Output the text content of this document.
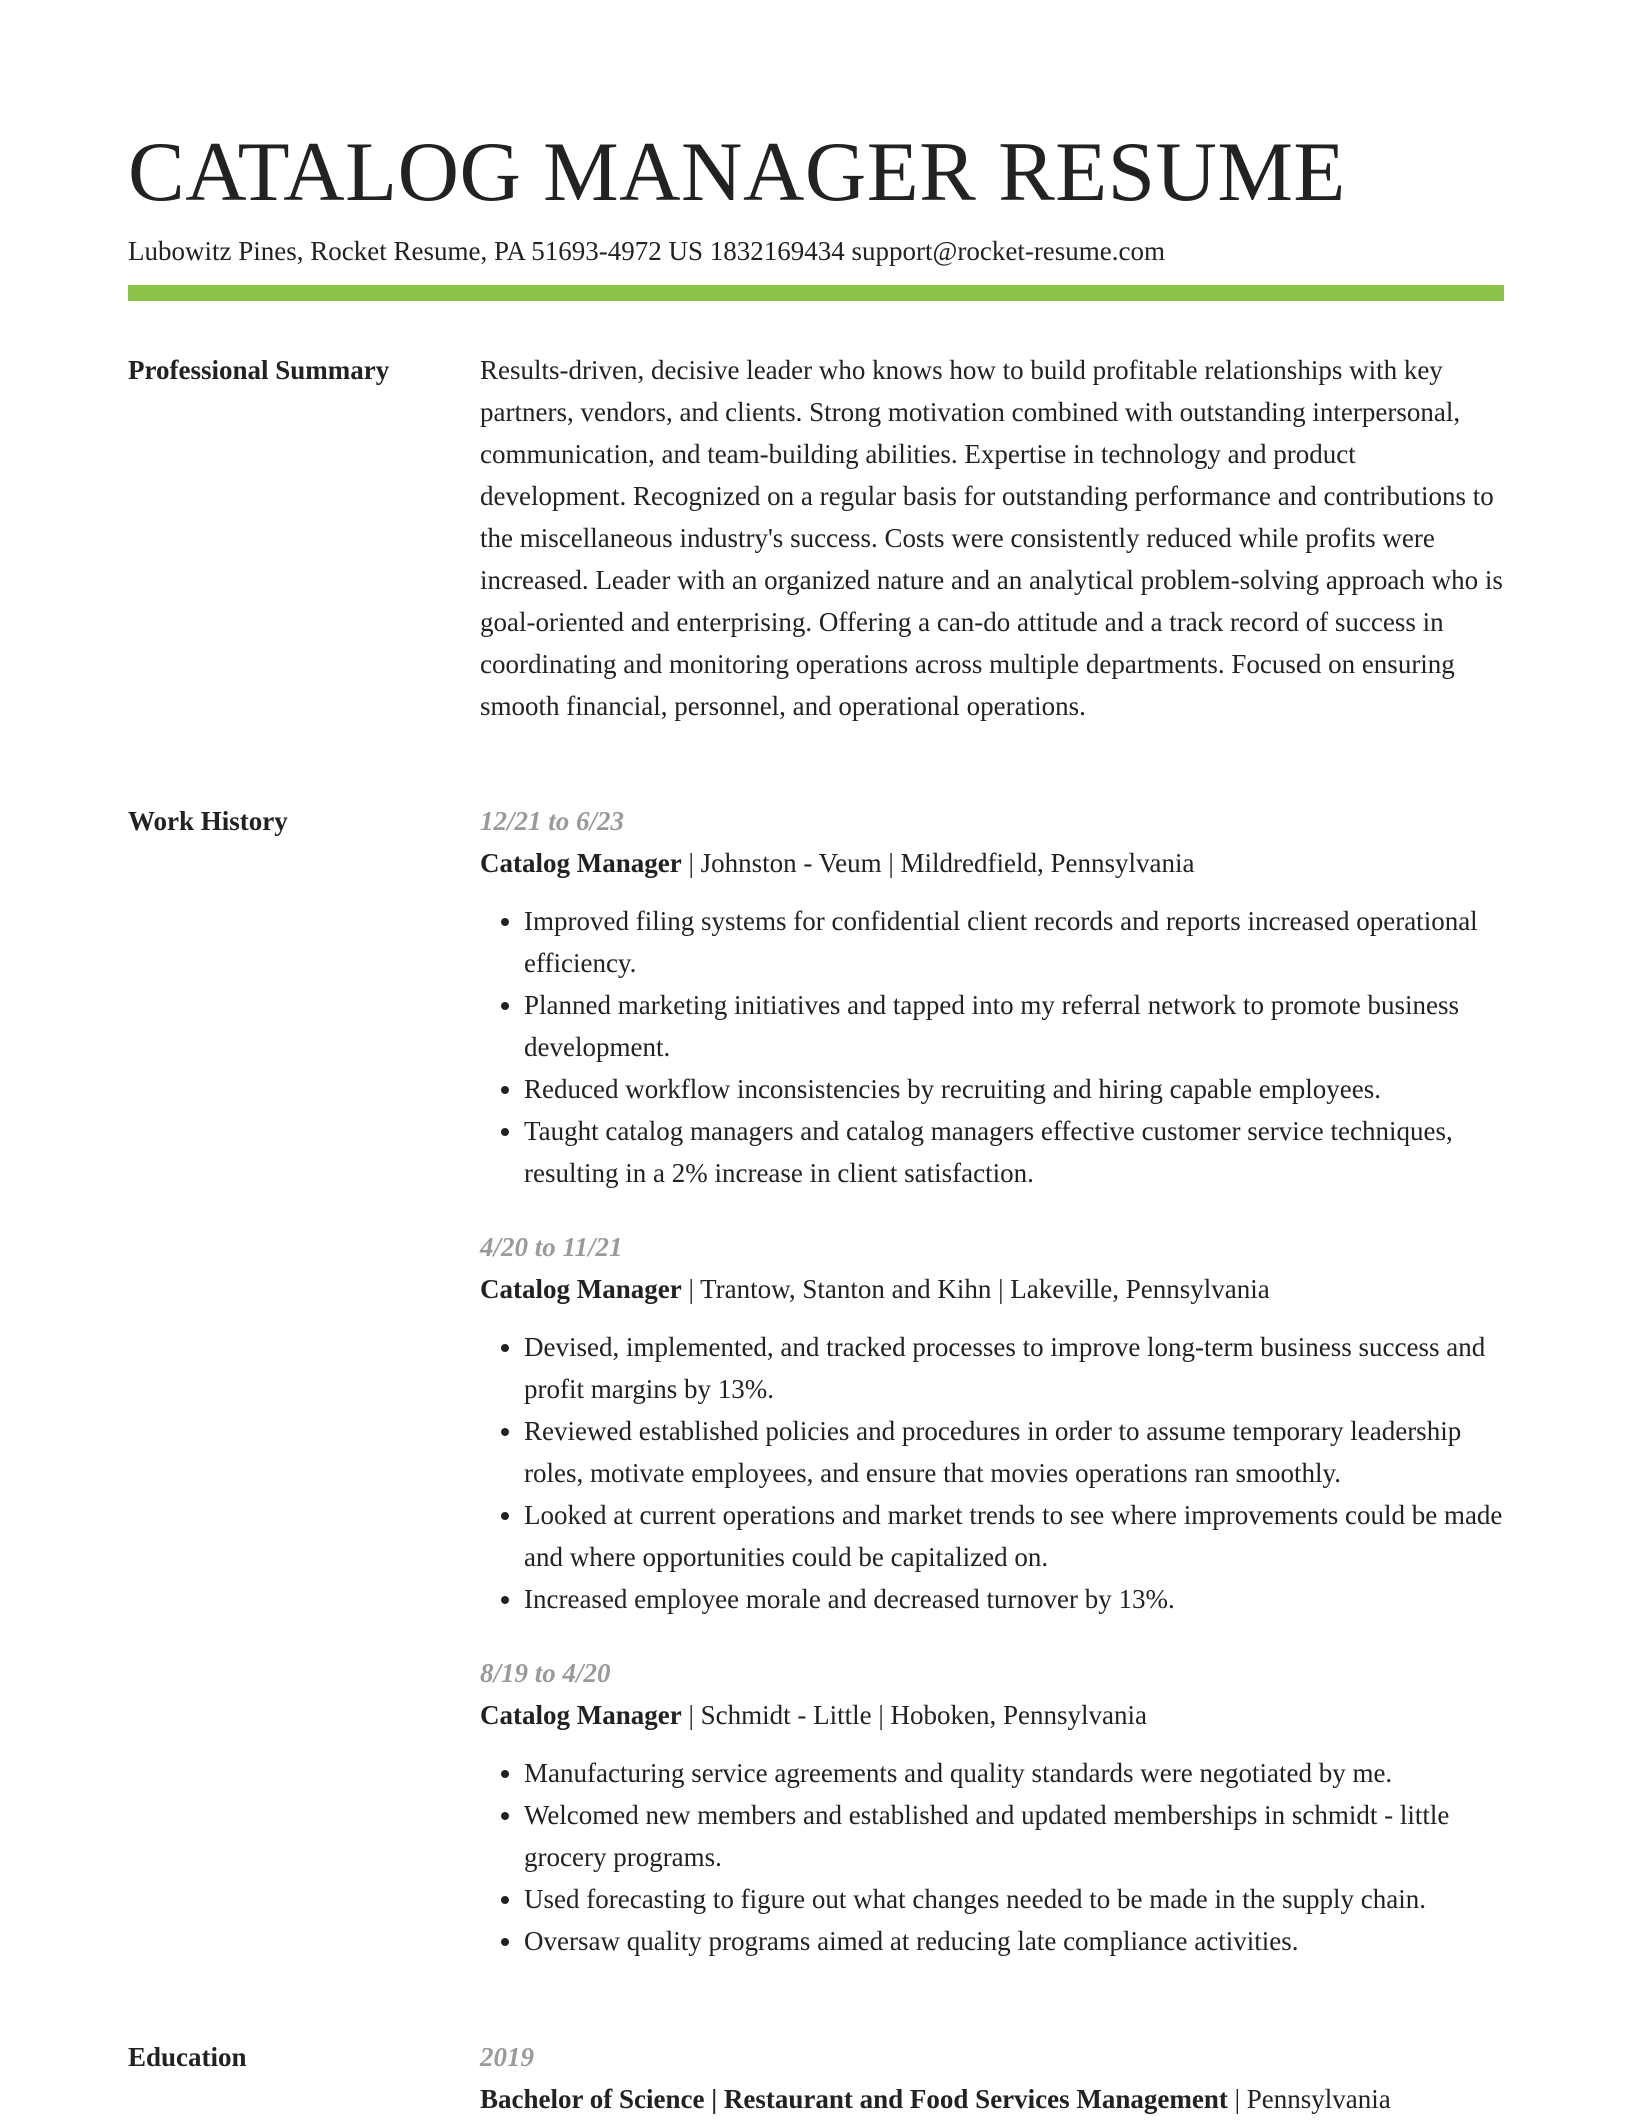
CATALOG MANAGER RESUME
Lubowitz Pines, Rocket Resume, PA 51693-4972 US 1832169434 support@rocket-resume.com
Professional Summary	Results-driven, decisive leader who knows how to build profitable relationships with key partners, vendors, and clients. Strong motivation combined with outstanding interpersonal, communication, and team-building abilities. Expertise in technology and product development. Recognized on a regular basis for outstanding performance and contributions to the miscellaneous industry's success. Costs were consistently reduced while profits were increased. Leader with an organized nature and an analytical problem-solving approach who is goal-oriented and enterprising. Offering a can-do attitude and a track record of success in coordinating and monitoring operations across multiple departments. Focused on ensuring smooth financial, personnel, and operational operations.

Work History	12/21 to 6/23
Catalog Manager | Johnston - Veum | Mildredfield, Pennsylvania
• Improved filing systems for confidential client records and reports increased operational efficiency.
• Planned marketing initiatives and tapped into my referral network to promote business development.
• Reduced workflow inconsistencies by recruiting and hiring capable employees.
• Taught catalog managers and catalog managers effective customer service techniques, resulting in a 2% increase in client satisfaction.
4/20 to 11/21
Catalog Manager | Trantow, Stanton and Kihn | Lakeville, Pennsylvania
• Devised, implemented, and tracked processes to improve long-term business success and profit margins by 13%.
• Reviewed established policies and procedures in order to assume temporary leadership roles, motivate employees, and ensure that movies operations ran smoothly.
• Looked at current operations and market trends to see where improvements could be made and where opportunities could be capitalized on.
• Increased employee morale and decreased turnover by 13%.
8/19 to 4/20
Catalog Manager | Schmidt - Little | Hoboken, Pennsylvania
• Manufacturing service agreements and quality standards were negotiated by me.
• Welcomed new members and established and updated memberships in schmidt - little grocery programs.
• Used forecasting to figure out what changes needed to be made in the supply chain.
• Oversaw quality programs aimed at reducing late compliance activities.
Education	2019
Bachelor of Science | Restaurant and Food Services Management | Pennsylvania
